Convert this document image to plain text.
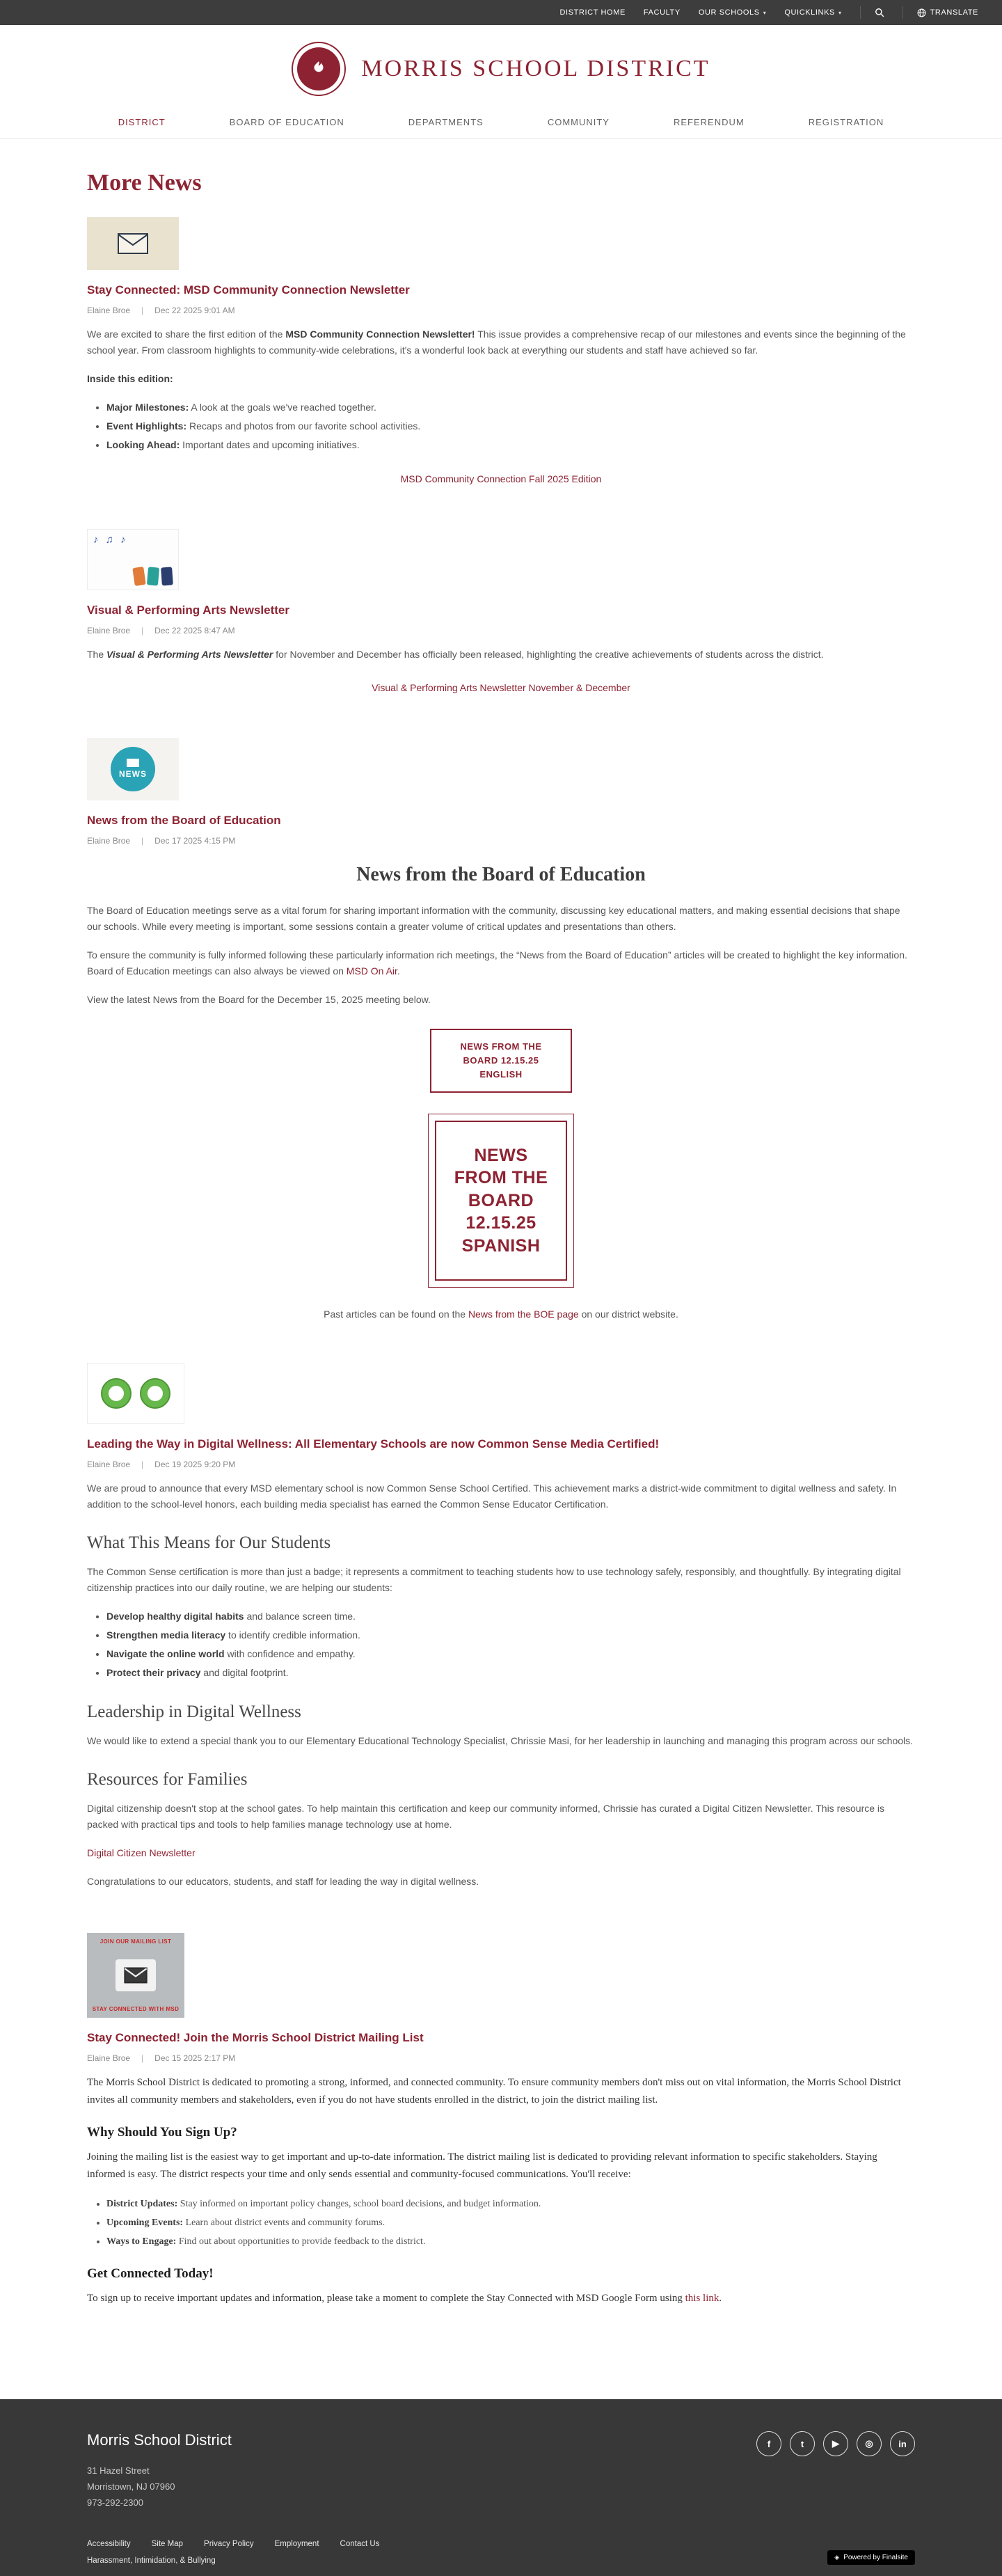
DISTRICT HOME FACULTY OUR SCHOOLS ▾ QUICKLINKS ▾	TRANSLATE
MORRIS SCHOOL DISTRICT
DISTRICT	BOARD OF EDUCATION	DEPARTMENTS	COMMUNITY	REFERENDUM	REGISTRATION
More News
Stay Connected: MSD Community Connection Newsletter
Elaine Broe | Dec 22 2025 9:01 AM

We are excited to share the first edition of the MSD Community Connection Newsletter! This issue provides a comprehensive recap of our milestones and events since the beginning of the school year. From classroom highlights to community-wide celebrations, it's a wonderful look back at everything our students and staff have achieved so far.

Inside this edition:

• Major Milestones: A look at the goals we've reached together.
• Event Highlights: Recaps and photos from our favorite school activities.
• Looking Ahead: Important dates and upcoming initiatives.
MSD Community Connection Fall 2025 Edition
♪ ♫ ♪
Visual & Performing Arts Newsletter
Elaine Broe | Dec 22 2025 8:47 AM

The Visual & Performing Arts Newsletter for November and December has officially been released, highlighting the creative achievements of students across the district.

Visual & Performing Arts Newsletter November & December
NEWS
News from the Board of Education
Elaine Broe | Dec 17 2025 4:15 PM
News from the Board of Education

The Board of Education meetings serve as a vital forum for sharing important information with the community, discussing key educational matters, and making essential decisions that shape our schools. While every meeting is important, some sessions contain a greater volume of critical updates and presentations than others.

To ensure the community is fully informed following these particularly information rich meetings, the “News from the Board of Education” articles will be created to highlight the key information. Board of Education meetings can also always be viewed on MSD On Air.

View the latest News from the Board for the December 15, 2025 meeting below.

NEWS FROM THE BOARD 12.15.25 ENGLISH
NEWS FROM THE BOARD 12.15.25 SPANISH

Past articles can be found on the News from the BOE page on our district website.

Leading the Way in Digital Wellness: All Elementary Schools are now Common Sense Media Certified!
Elaine Broe | Dec 19 2025 9:20 PM

We are proud to announce that every MSD elementary school is now Common Sense School Certified. This achievement marks a district-wide commitment to digital wellness and safety. In addition to the school-level honors, each building media specialist has earned the Common Sense Educator Certification.

What This Means for Our Students

The Common Sense certification is more than just a badge; it represents a commitment to teaching students how to use technology safely, responsibly, and thoughtfully. By integrating digital citizenship practices into our daily routine, we are helping our students:

• Develop healthy digital habits and balance screen time.
• Strengthen media literacy to identify credible information.
• Navigate the online world with confidence and empathy.
• Protect their privacy and digital footprint.
Leadership in Digital Wellness

We would like to extend a special thank you to our Elementary Educational Technology Specialist, Chrissie Masi, for her leadership in launching and managing this program across our schools.

Resources for Families

Digital citizenship doesn't stop at the school gates. To help maintain this certification and keep our community informed, Chrissie has curated a Digital Citizen Newsletter. This resource is packed with practical tips and tools to help families manage technology use at home.

Digital Citizen Newsletter

Congratulations to our educators, students, and staff for leading the way in digital wellness.

JOIN OUR MAILING LIST
STAY CONNECTED WITH MSD
Stay Connected! Join the Morris School District Mailing List
Elaine Broe | Dec 15 2025 2:17 PM

The Morris School District is dedicated to promoting a strong, informed, and connected community. To ensure community members don't miss out on vital information, the Morris School District invites all community members and stakeholders, even if you do not have students enrolled in the district, to join the district mailing list.

Why Should You Sign Up?

Joining the mailing list is the easiest way to get important and up-to-date information. The district mailing list is dedicated to providing relevant information to specific stakeholders. Staying informed is easy. The district respects your time and only sends essential and community-focused communications. You'll receive:

• District Updates: Stay informed on important policy changes, school board decisions, and budget information.
• Upcoming Events: Learn about district events and community forums.
• Ways to Engage: Find out about opportunities to provide feedback to the district.
Get Connected Today!

To sign up to receive important updates and information, please take a moment to complete the Stay Connected with MSD Google Form using this link.

Morris School District
31 Hazel Street
Morristown, NJ 07960
973-292-2300
f	t	▶	◎	in
Accessibility	Site Map	Privacy Policy	Employment	Contact Us
Harassment, Intimidation, & Bullying	◈ Powered by Finalsite
